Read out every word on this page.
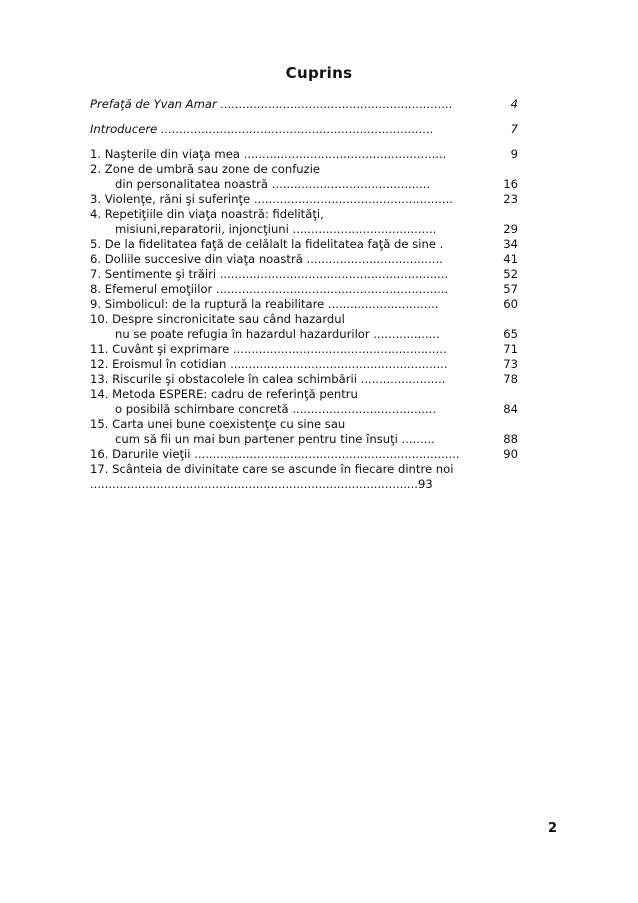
Cuprins
Prefaţă de Yvan Amar ...............................................................	4
Introducere ..........................................................................	7
1. Naşterile din viaţa mea .......................................................	9
2. Zone de umbră sau zone de confuzie
din personalitatea noastră ...........................................	16
3. Violenţe, răni şi suferinţe ......................................................	23
4. Repetiţiile din viaţa noastră: fidelităţi,
misiuni,reparatorii, injoncţiuni .......................................	29
5. De la fidelitatea faţă de celălalt la fidelitatea faţă de sine .	34
6. Doliile succesive din viaţa noastră .....................................	41
7. Sentimente şi trăiri ..............................................................	52
8. Efemerul emoţiilor ...............................................................	57
9. Simbolicul: de la ruptură la reabilitare ..............................	60
10. Despre sincronicitate sau când hazardul
nu se poate refugia în hazardul hazardurilor ..................	65
11. Cuvânt şi exprimare ..........................................................	71
12. Eroismul în cotidian ...........................................................	73
13. Riscurile şi obstacolele în calea schimbării .......................	78
14. Metoda ESPERE: cadru de referinţă pentru
o posibilă schimbare concretă .......................................	84
15. Carta unei bune coexistenţe cu sine sau
cum să fii un mai bun partener pentru tine însuţi .........	88
16. Darurile vieţii ........................................................................	90
17. Scânteia de divinitate care se ascunde în fiecare dintre noi
.........................................................................................93
2
